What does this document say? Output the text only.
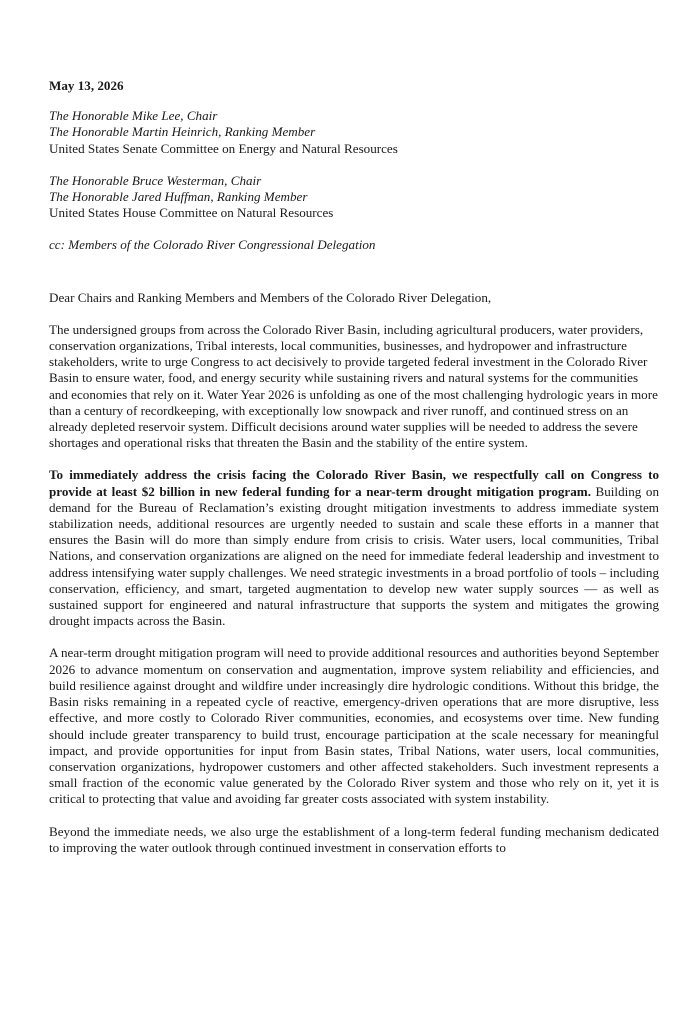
May 13, 2026
The Honorable Mike Lee, Chair
The Honorable Martin Heinrich, Ranking Member
United States Senate Committee on Energy and Natural Resources
The Honorable Bruce Westerman, Chair
The Honorable Jared Huffman, Ranking Member
United States House Committee on Natural Resources
cc: Members of the Colorado River Congressional Delegation
Dear Chairs and Ranking Members and Members of the Colorado River Delegation,

The undersigned groups from across the Colorado River Basin, including agricultural producers, water providers, conservation organizations, Tribal interests, local communities, businesses, and hydropower and infrastructure stakeholders, write to urge Congress to act decisively to provide targeted federal investment in the Colorado River Basin to ensure water, food, and energy security while sustaining rivers and natural systems for the communities and economies that rely on it. Water Year 2026 is unfolding as one of the most challenging hydrologic years in more than a century of recordkeeping, with exceptionally low snowpack and river runoff, and continued stress on an already depleted reservoir system. Difficult decisions around water supplies will be needed to address the severe shortages and operational risks that threaten the Basin and the stability of the entire system.

To immediately address the crisis facing the Colorado River Basin, we respectfully call on Congress to provide at least $2 billion in new federal funding for a near-term drought mitigation program. Building on demand for the Bureau of Reclamation’s existing drought mitigation investments to address immediate system stabilization needs, additional resources are urgently needed to sustain and scale these efforts in a manner that ensures the Basin will do more than simply endure from crisis to crisis. Water users, local communities, Tribal Nations, and conservation organizations are aligned on the need for immediate federal leadership and investment to address intensifying water supply challenges. We need strategic investments in a broad portfolio of tools – including conservation, efficiency, and smart, targeted augmentation to develop new water supply sources — as well as sustained support for engineered and natural infrastructure that supports the system and mitigates the growing drought impacts across the Basin.

A near-term drought mitigation program will need to provide additional resources and authorities beyond September 2026 to advance momentum on conservation and augmentation, improve system reliability and efficiencies, and build resilience against drought and wildfire under increasingly dire hydrologic conditions. Without this bridge, the Basin risks remaining in a repeated cycle of reactive, emergency-driven operations that are more disruptive, less effective, and more costly to Colorado River communities, economies, and ecosystems over time. New funding should include greater transparency to build trust, encourage participation at the scale necessary for meaningful impact, and provide opportunities for input from Basin states, Tribal Nations, water users, local communities, conservation organizations, hydropower customers and other affected stakeholders. Such investment represents a small fraction of the economic value generated by the Colorado River system and those who rely on it, yet it is critical to protecting that value and avoiding far greater costs associated with system instability.

Beyond the immediate needs, we also urge the establishment of a long-term federal funding mechanism dedicated to improving the water outlook through continued investment in conservation efforts to
